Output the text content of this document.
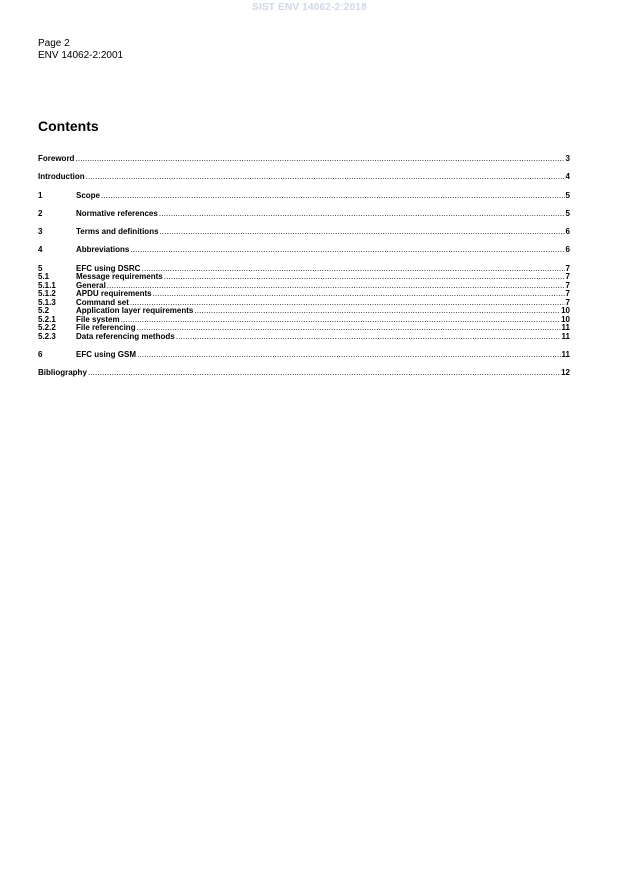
SIST ENV 14062-2:2018
Page 2
ENV 14062-2:2001
Contents
Foreword .....	3
Introduction .....	4
1	Scope .....	5
2	Normative references .....	5
3	Terms and definitions .....	6
4	Abbreviations .....	6
5	EFC using DSRC .....	7
5.1	Message requirements .....	7
5.1.1	General .....	7
5.1.2	APDU requirements .....	7
5.1.3	Command set .....	7
5.2	Application layer requirements .....	10
5.2.1	File system .....	10
5.2.2	File referencing .....	11
5.2.3	Data referencing methods .....	11
6	EFC using GSM .....	11
Bibliography .....	12
